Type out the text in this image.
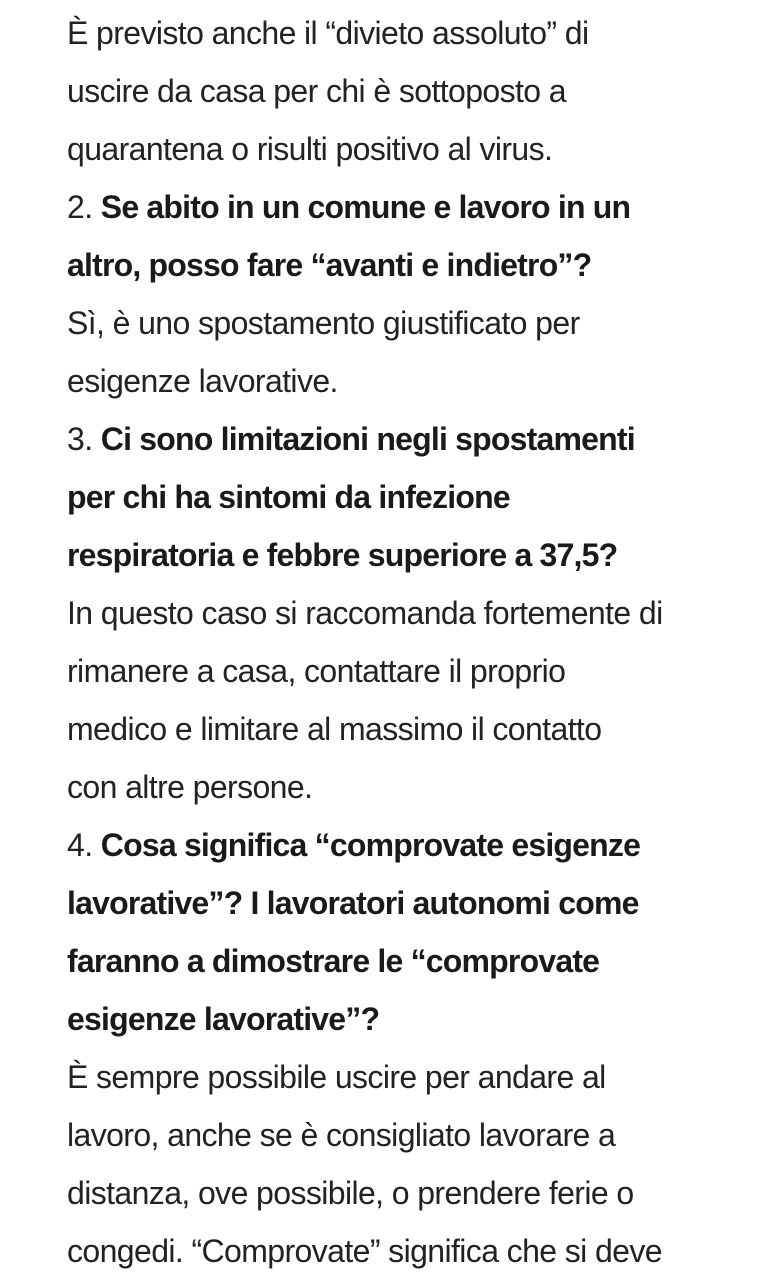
È previsto anche il “divieto assoluto” di
uscire da casa per chi è sottoposto a
quarantena o risulti positivo al virus.
2. Se abito in un comune e lavoro in un
altro, posso fare “avanti e indietro”?
Sì, è uno spostamento giustificato per
esigenze lavorative.
3. Ci sono limitazioni negli spostamenti
per chi ha sintomi da infezione
respiratoria e febbre superiore a 37,5?
In questo caso si raccomanda fortemente di
rimanere a casa, contattare il proprio
medico e limitare al massimo il contatto
con altre persone.
4. Cosa significa “comprovate esigenze
lavorative”? I lavoratori autonomi come
faranno a dimostrare le “comprovate
esigenze lavorative”?
È sempre possibile uscire per andare al
lavoro, anche se è consigliato lavorare a
distanza, ove possibile, o prendere ferie o
congedi. “Comprovate” significa che si deve
